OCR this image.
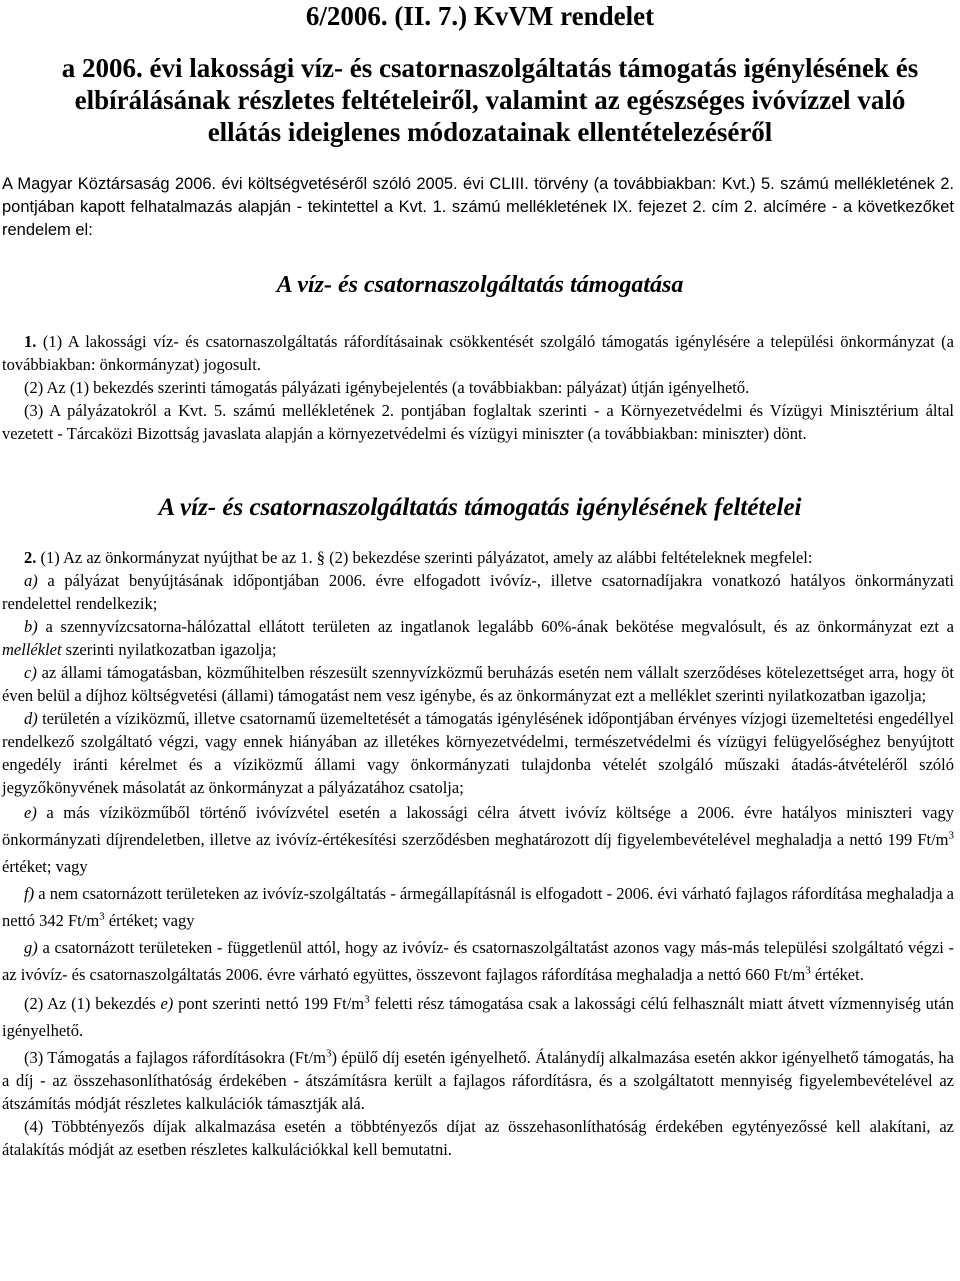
6/2006. (II. 7.) KvVM rendelet
a 2006. évi lakossági víz- és csatornaszolgáltatás támogatás igénylésének és elbírálásának részletes feltételeiről, valamint az egészséges ivóvízzel való ellátás ideiglenes módozatainak ellentételezéséről

A Magyar Köztársaság 2006. évi költségvetéséről szóló 2005. évi CLIII. törvény (a továbbiakban: Kvt.) 5. számú mellékletének 2. pontjában kapott felhatalmazás alapján - tekintettel a Kvt. 1. számú mellékletének IX. fejezet 2. cím 2. alcímére - a következőket rendelem el:

A víz- és csatornaszolgáltatás támogatása

1. (1) A lakossági víz- és csatornaszolgáltatás ráfordításainak csökkentését szolgáló támogatás igénylésére a települési önkormányzat (a továbbiakban: önkormányzat) jogosult.

(2) Az (1) bekezdés szerinti támogatás pályázati igénybejelentés (a továbbiakban: pályázat) útján igényelhető.

(3) A pályázatokról a Kvt. 5. számú mellékletének 2. pontjában foglaltak szerinti - a Környezetvédelmi és Vízügyi Minisztérium által vezetett - Tárcaközi Bizottság javaslata alapján a környezetvédelmi és vízügyi miniszter (a továbbiakban: miniszter) dönt.

A víz- és csatornaszolgáltatás támogatás igénylésének feltételei

2. (1) Az az önkormányzat nyújthat be az 1. § (2) bekezdése szerinti pályázatot, amely az alábbi feltételeknek megfelel:

a) a pályázat benyújtásának időpontjában 2006. évre elfogadott ivóvíz-, illetve csatornadíjakra vonatkozó hatályos önkormányzati rendelettel rendelkezik;

b) a szennyvízcsatorna-hálózattal ellátott területen az ingatlanok legalább 60%-ának bekötése megvalósult, és az önkormányzat ezt a melléklet szerinti nyilatkozatban igazolja;

c) az állami támogatásban, közműhitelben részesült szennyvízközmű beruházás esetén nem vállalt szerződéses kötelezettséget arra, hogy öt éven belül a díjhoz költségvetési (állami) támogatást nem vesz igénybe, és az önkormányzat ezt a melléklet szerinti nyilatkozatban igazolja;

d) területén a víziközmű, illetve csatornamű üzemeltetését a támogatás igénylésének időpontjában érvényes vízjogi üzemeltetési engedéllyel rendelkező szolgáltató végzi, vagy ennek hiányában az illetékes környezetvédelmi, természetvédelmi és vízügyi felügyelőséghez benyújtott engedély iránti kérelmet és a víziközmű állami vagy önkormányzati tulajdonba vételét szolgáló műszaki átadás-átvételéről szóló jegyzőkönyvének másolatát az önkormányzat a pályázatához csatolja;

e) a más víziközműből történő ivóvízvétel esetén a lakossági célra átvett ivóvíz költsége a 2006. évre hatályos miniszteri vagy önkormányzati díjrendeletben, illetve az ivóvíz-értékesítési szerződésben meghatározott díj figyelembevételével meghaladja a nettó 199 $Ft/m^3$ értéket; vagy

f) a nem csatornázott területeken az ivóvíz-szolgáltatás - ármegállapításnál is elfogadott - 2006. évi várható fajlagos ráfordítása meghaladja a nettó 342 $Ft/m^3$ értéket; vagy

g) a csatornázott területeken - függetlenül attól, hogy az ivóvíz- és csatornaszolgáltatást azonos vagy más-más települési szolgáltató végzi - az ivóvíz- és csatornaszolgáltatás 2006. évre várható együttes, összevont fajlagos ráfordítása meghaladja a nettó 660 $Ft/m^3$ értéket.

(2) Az (1) bekezdés e) pont szerinti nettó 199 $Ft/m^3$ feletti rész támogatása csak a lakossági célú felhasznált miatt átvett vízmennyiség után igényelhető.

(3) Támogatás a fajlagos ráfordításokra $(Ft/m^3)$ épülő díj esetén igényelhető. Átalánydíj alkalmazása esetén akkor igényelhető támogatás, ha a díj - az összehasonlíthatóság érdekében - átszámításra került a fajlagos ráfordításra, és a szolgáltatott mennyiség figyelembevételével az átszámítás módját részletes kalkulációk támasztják alá.

(4) Többtényezős díjak alkalmazása esetén a többtényezős díjat az összehasonlíthatóság érdekében egytényezőssé kell alakítani, az átalakítás módját az esetben részletes kalkulációkkal kell bemutatni.
